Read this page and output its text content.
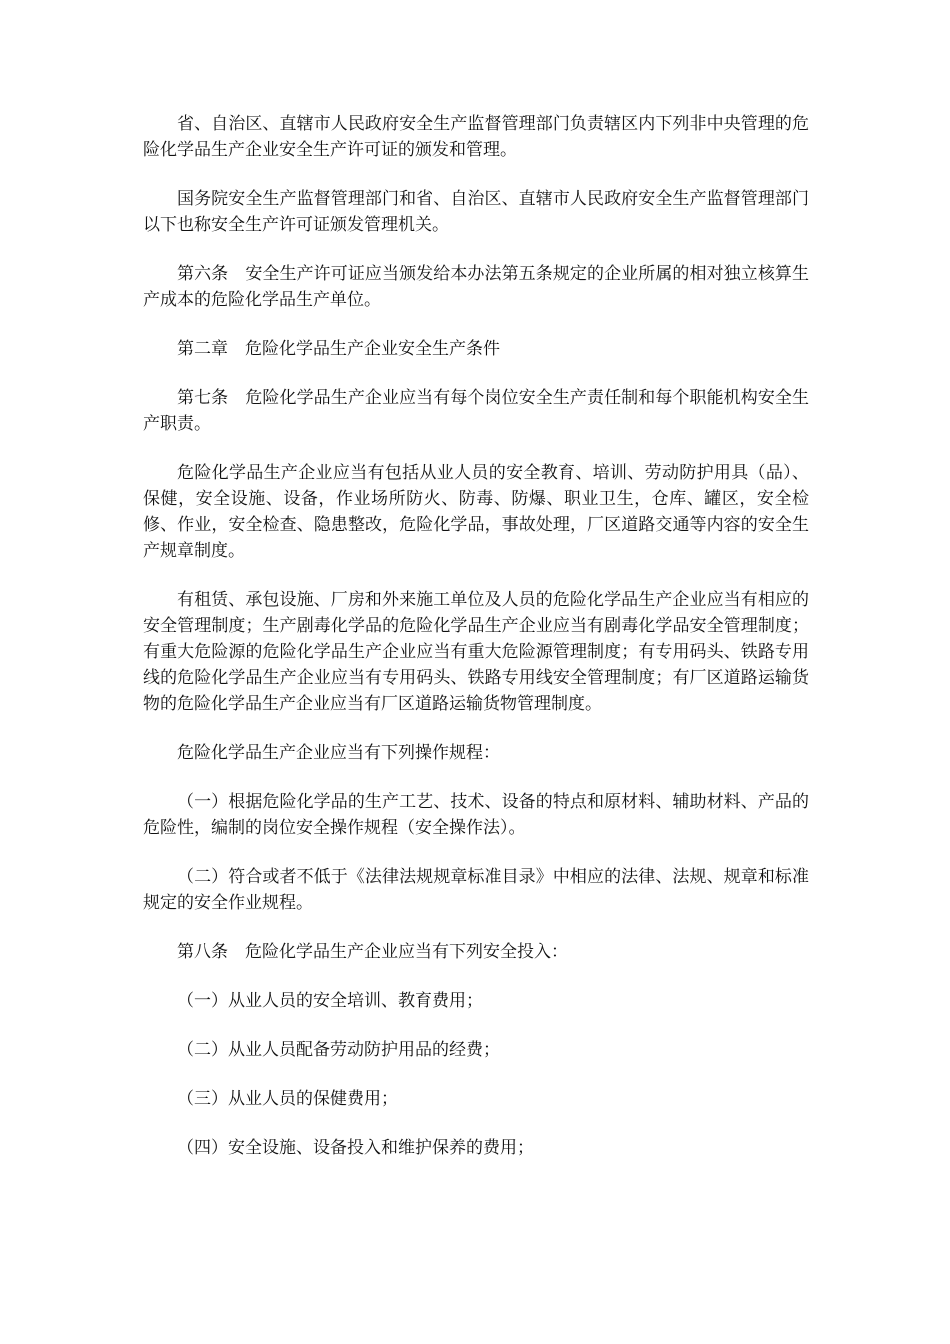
省、自治区、直辖市人民政府安全生产监督管理部门负责辖区内下列非中央管理的危险化学品生产企业安全生产许可证的颁发和管理。

国务院安全生产监督管理部门和省、自治区、直辖市人民政府安全生产监督管理部门以下也称安全生产许可证颁发管理机关。

第六条　安全生产许可证应当颁发给本办法第五条规定的企业所属的相对独立核算生产成本的危险化学品生产单位。

第二章　危险化学品生产企业安全生产条件

第七条　危险化学品生产企业应当有每个岗位安全生产责任制和每个职能机构安全生产职责。

危险化学品生产企业应当有包括从业人员的安全教育、培训、劳动防护用具（品）、保健，安全设施、设备，作业场所防火、防毒、防爆、职业卫生，仓库、罐区，安全检修、作业，安全检查、隐患整改，危险化学品，事故处理，厂区道路交通等内容的安全生产规章制度。

有租赁、承包设施、厂房和外来施工单位及人员的危险化学品生产企业应当有相应的安全管理制度；生产剧毒化学品的危险化学品生产企业应当有剧毒化学品安全管理制度；有重大危险源的危险化学品生产企业应当有重大危险源管理制度；有专用码头、铁路专用线的危险化学品生产企业应当有专用码头、铁路专用线安全管理制度；有厂区道路运输货物的危险化学品生产企业应当有厂区道路运输货物管理制度。

危险化学品生产企业应当有下列操作规程：

（一）根据危险化学品的生产工艺、技术、设备的特点和原材料、辅助材料、产品的危险性，编制的岗位安全操作规程（安全操作法）。

（二）符合或者不低于《法律法规规章标准目录》中相应的法律、法规、规章和标准规定的安全作业规程。

第八条　危险化学品生产企业应当有下列安全投入：

（一）从业人员的安全培训、教育费用；

（二）从业人员配备劳动防护用品的经费；

（三）从业人员的保健费用；

（四）安全设施、设备投入和维护保养的费用；
